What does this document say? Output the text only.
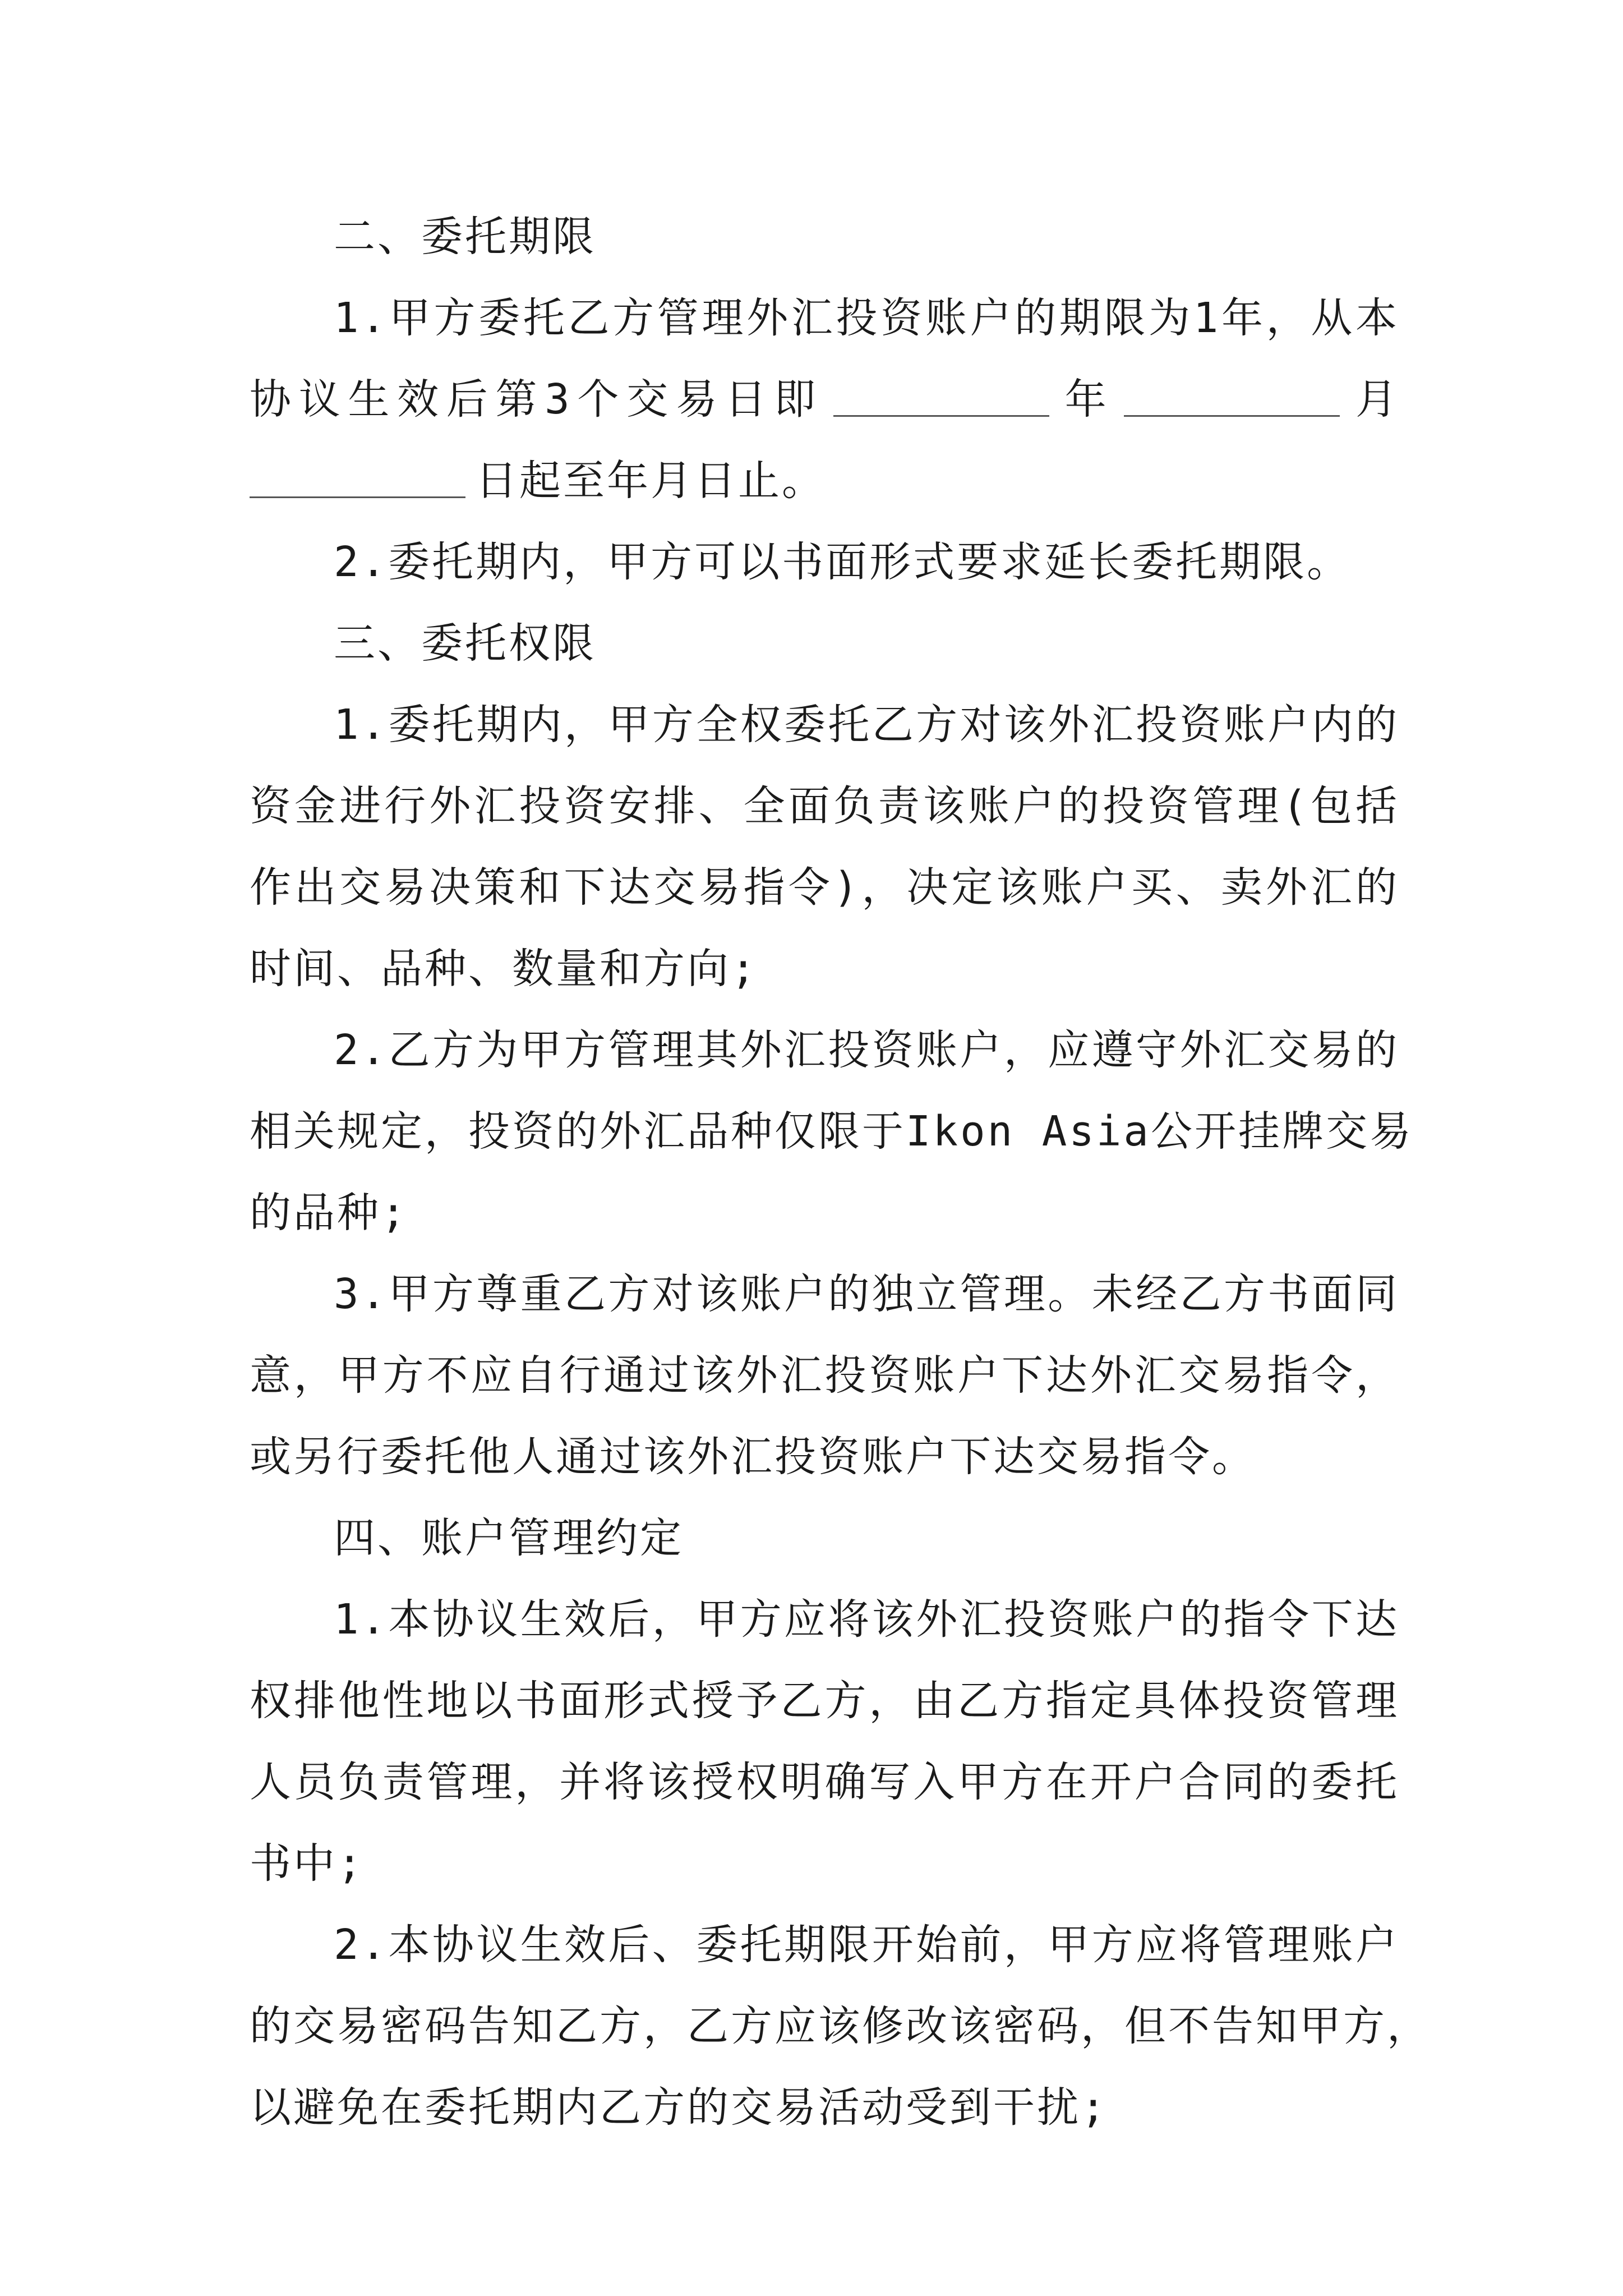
二、委托期限
1.甲方委托乙方管理外汇投资账户的期限为1年，从本
协议生效后第3个交易日即	年	月
日起至年月日止。
2.委托期内，甲方可以书面形式要求延长委托期限。
三、委托权限
1.委托期内，甲方全权委托乙方对该外汇投资账户内的
资金进行外汇投资安排、全面负责该账户的投资管理(包括
作出交易决策和下达交易指令)，决定该账户买、卖外汇的
时间、品种、数量和方向;
2.乙方为甲方管理其外汇投资账户，应遵守外汇交易的
相关规定，投资的外汇品种仅限于Ikon Asia公开挂牌交易
的品种;
3.甲方尊重乙方对该账户的独立管理。未经乙方书面同
意，甲方不应自行通过该外汇投资账户下达外汇交易指令，
或另行委托他人通过该外汇投资账户下达交易指令。
四、账户管理约定
1.本协议生效后，甲方应将该外汇投资账户的指令下达
权排他性地以书面形式授予乙方，由乙方指定具体投资管理
人员负责管理，并将该授权明确写入甲方在开户合同的委托
书中;
2.本协议生效后、委托期限开始前，甲方应将管理账户
的交易密码告知乙方，乙方应该修改该密码，但不告知甲方，
以避免在委托期内乙方的交易活动受到干扰;
